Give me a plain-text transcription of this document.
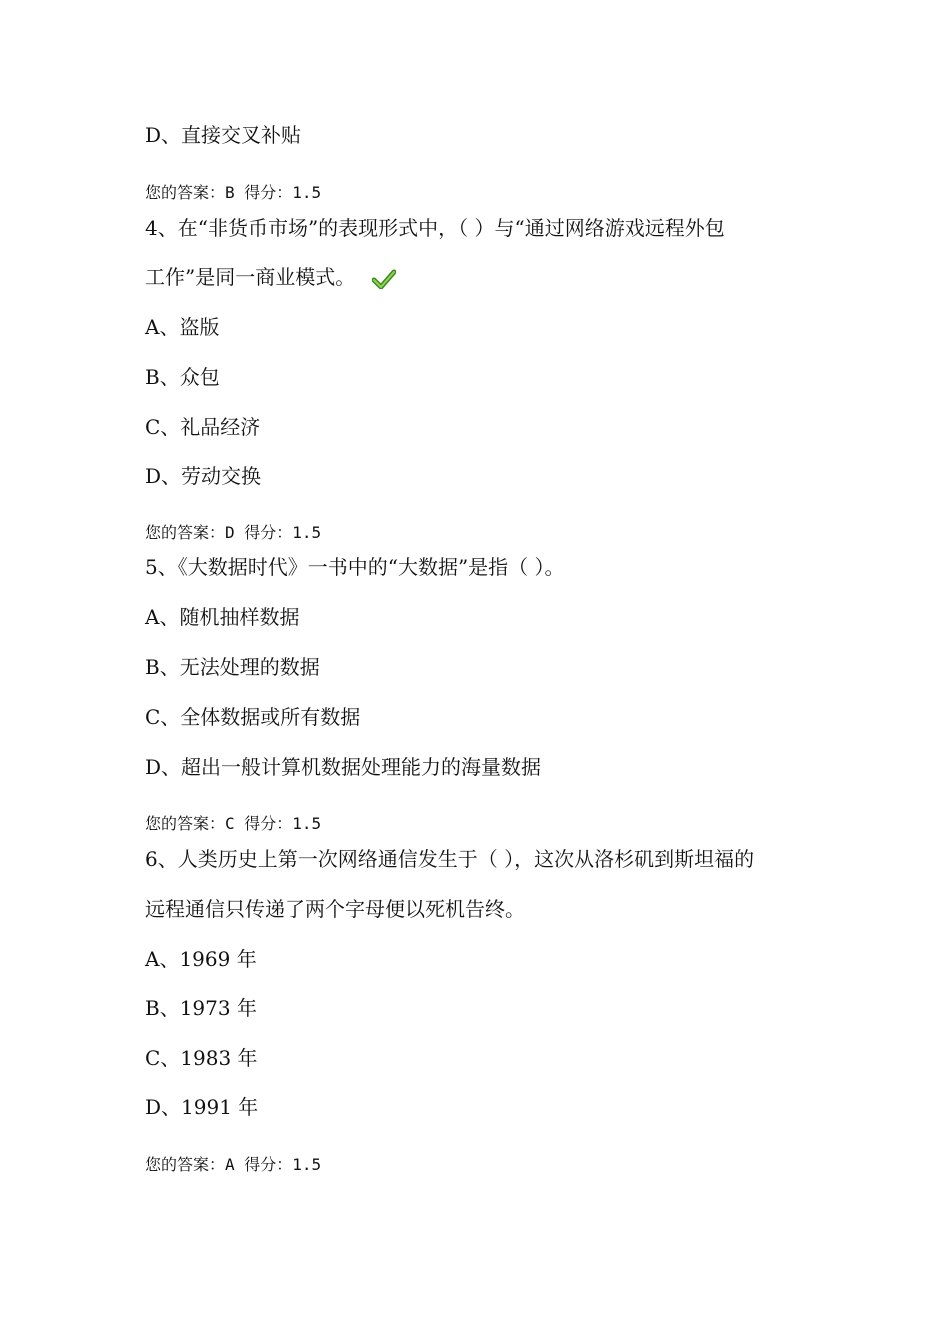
D、直接交叉补贴
您的答案：B 得分：1.5
4、在“非货币市场”的表现形式中，（ ）与“通过网络游戏远程外包
工作”是同一商业模式。
A、盗版
B、众包
C、礼品经济
D、劳动交换
您的答案：D 得分：1.5
5、《大数据时代》一书中的“大数据”是指（ ）。
A、随机抽样数据
B、无法处理的数据
C、全体数据或所有数据
D、超出一般计算机数据处理能力的海量数据
您的答案：C 得分：1.5
6、人类历史上第一次网络通信发生于（ ），这次从洛杉矶到斯坦福的
远程通信只传递了两个字母便以死机告终。
A、1969 年
B、1973 年
C、1983 年
D、1991 年
您的答案：A 得分：1.5
